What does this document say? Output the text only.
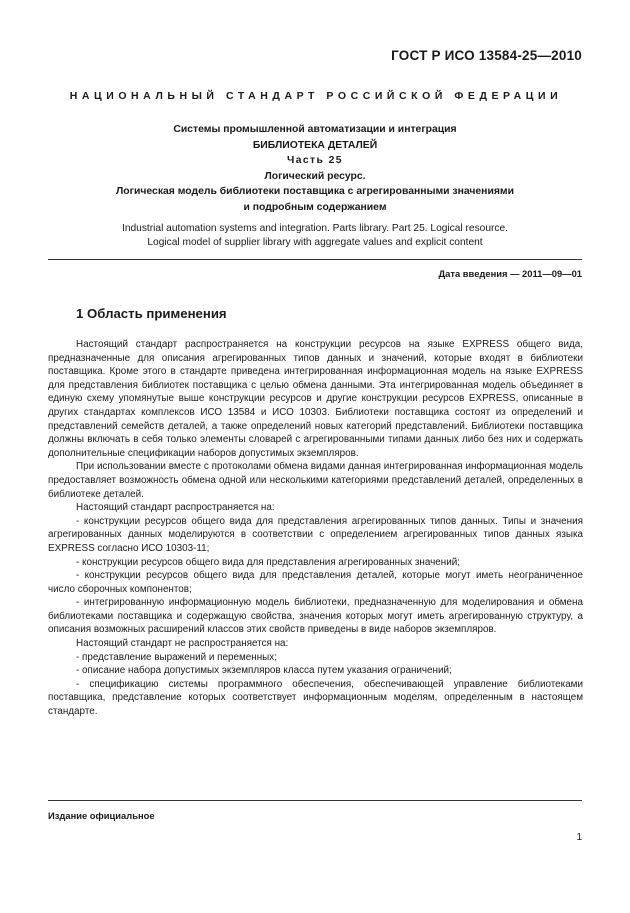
ГОСТ Р ИСО 13584-25—2010
НАЦИОНАЛЬНЫЙ СТАНДАРТ РОССИЙСКОЙ ФЕДЕРАЦИИ
Системы промышленной автоматизации и интеграция
БИБЛИОТЕКА ДЕТАЛЕЙ
Часть 25
Логический ресурс.
Логическая модель библиотеки поставщика с агрегированными значениями
и подробным содержанием
Industrial automation systems and integration. Parts library. Part 25. Logical resource.
Logical model of supplier library with aggregate values and explicit content
Дата введения — 2011—09—01
1 Область применения

Настоящий стандарт распространяется на конструкции ресурсов на языке EXPRESS общего вида, предназначенные для описания агрегированных типов данных и значений, которые входят в библиотеки поставщика. Кроме этого в стандарте приведена интегрированная информационная модель на языке EXPRESS для представления библиотек поставщика с целью обмена данными. Эта интегрированная модель объединяет в единую схему упомянутые выше конструкции ресурсов и другие конструкции ресурсов EXPRESS, описанные в других стандартах комплексов ИСО 13584 и ИСО 10303. Библиотеки поставщика состоят из определений и представлений семейств деталей, а также определений новых категорий представлений. Библиотеки поставщика должны включать в себя только элементы словарей с агрегированными типами данных либо без них и содержать дополнительные спецификации наборов допустимых экземпляров.

При использовании вместе с протоколами обмена видами данная интегрированная информационная модель предоставляет возможность обмена одной или несколькими категориями представлений деталей, определенных в библиотеке деталей.

Настоящий стандарт распространяется на:

- конструкции ресурсов общего вида для представления агрегированных типов данных. Типы и значения агрегированных данных моделируются в соответствии с определением агрегированных типов данных языка EXPRESS согласно ИСО 10303-11;

- конструкции ресурсов общего вида для представления агрегированных значений;

- конструкции ресурсов общего вида для представления деталей, которые могут иметь неограниченное число сборочных компонентов;

- интегрированную информационную модель библиотеки, предназначенную для моделирования и обмена библиотеками поставщика и содержащую свойства, значения которых могут иметь агрегированную структуру, а описания возможных расширений классов этих свойств приведены в виде наборов экземпляров.

Настоящий стандарт не распространяется на:

- представление выражений и переменных;

- описание набора допустимых экземпляров класса путем указания ограничений;

- спецификацию системы программного обеспечения, обеспечивающей управление библиотеками поставщика, представление которых соответствует информационным моделям, определенным в настоящем стандарте.

Издание официальное
1
